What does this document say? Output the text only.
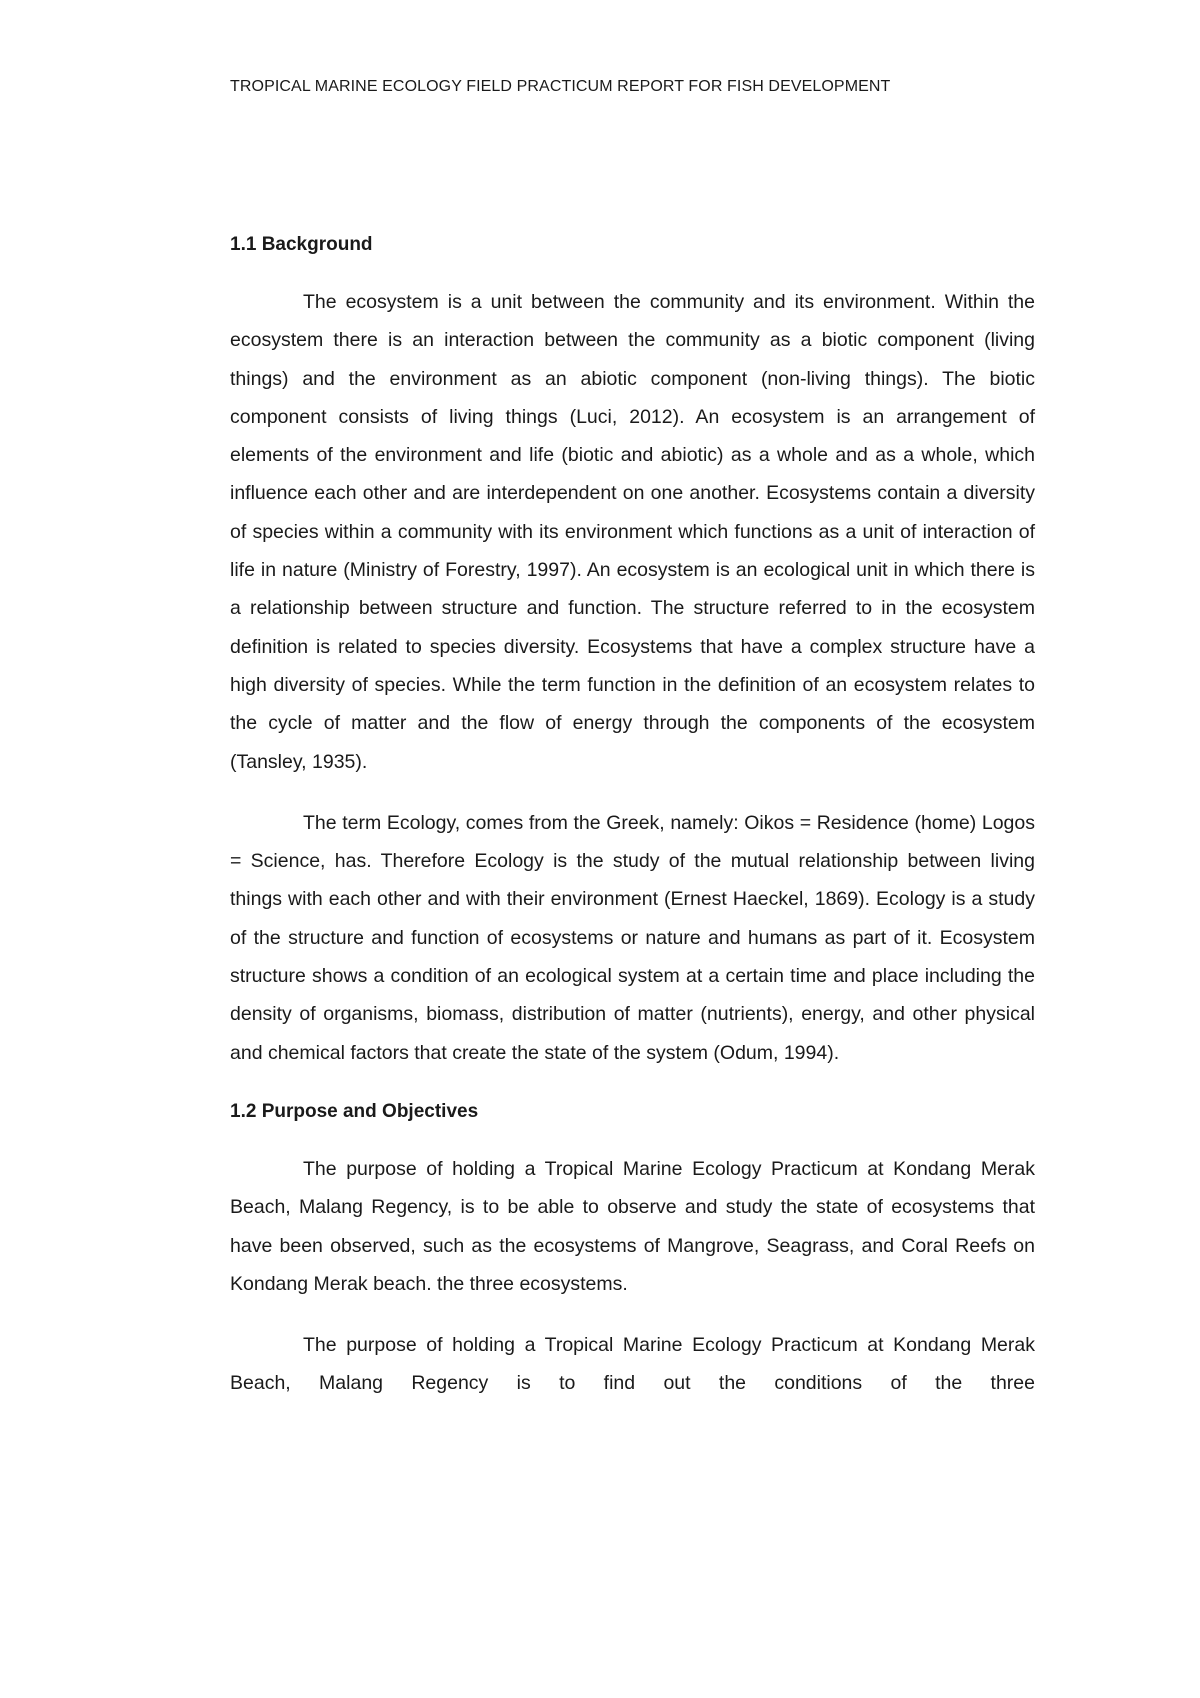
TROPICAL MARINE ECOLOGY FIELD PRACTICUM REPORT FOR FISH DEVELOPMENT
1.1 Background

The ecosystem is a unit between the community and its environment. Within the ecosystem there is an interaction between the community as a biotic component (living things) and the environment as an abiotic component (non-living things). The biotic component consists of living things (Luci, 2012). An ecosystem is an arrangement of elements of the environment and life (biotic and abiotic) as a whole and as a whole, which influence each other and are interdependent on one another. Ecosystems contain a diversity of species within a community with its environment which functions as a unit of interaction of life in nature (Ministry of Forestry, 1997). An ecosystem is an ecological unit in which there is a relationship between structure and function. The structure referred to in the ecosystem definition is related to species diversity. Ecosystems that have a complex structure have a high diversity of species. While the term function in the definition of an ecosystem relates to the cycle of matter and the flow of energy through the components of the ecosystem (Tansley, 1935).

The term Ecology, comes from the Greek, namely: Oikos = Residence (home) Logos = Science, has. Therefore Ecology is the study of the mutual relationship between living things with each other and with their environment (Ernest Haeckel, 1869). Ecology is a study of the structure and function of ecosystems or nature and humans as part of it. Ecosystem structure shows a condition of an ecological system at a certain time and place including the density of organisms, biomass, distribution of matter (nutrients), energy, and other physical and chemical factors that create the state of the system (Odum, 1994).

1.2 Purpose and Objectives

The purpose of holding a Tropical Marine Ecology Practicum at Kondang Merak Beach, Malang Regency, is to be able to observe and study the state of ecosystems that have been observed, such as the ecosystems of Mangrove, Seagrass, and Coral Reefs on Kondang Merak beach. the three ecosystems.

The purpose of holding a Tropical Marine Ecology Practicum at Kondang Merak Beach, Malang Regency is to find out the conditions of the three
